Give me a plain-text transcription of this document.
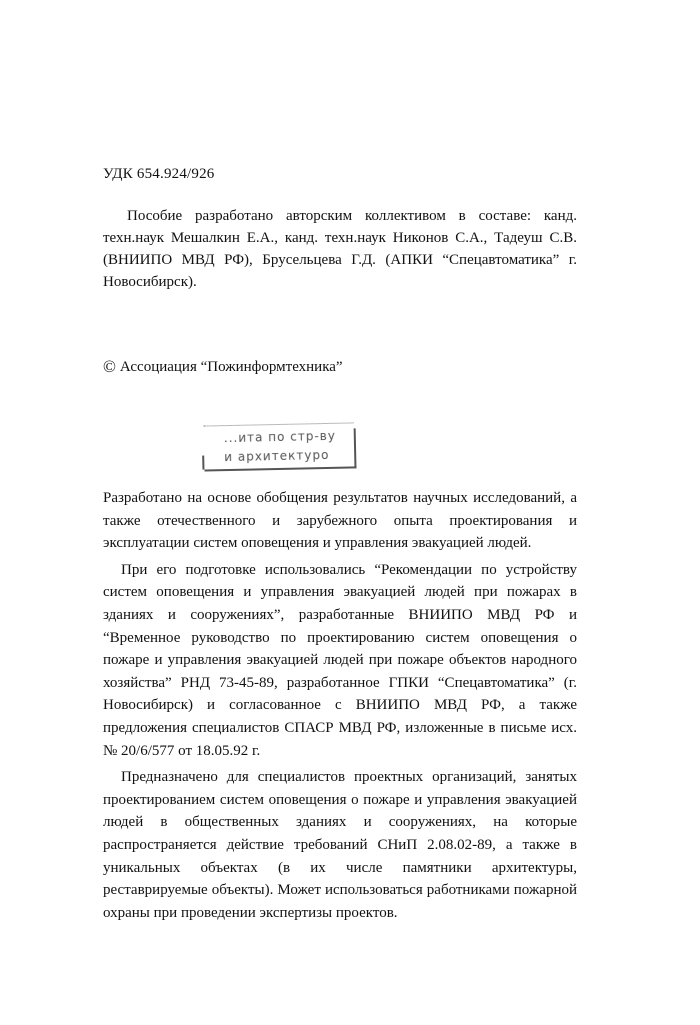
УДК 654.924/926

Пособие разработано авторским коллективом в составе: канд. техн.наук Мешалкин Е.А., канд. техн.наук Никонов С.А., Тадеуш С.В. (ВНИИПО МВД РФ), Брусельцева Г.Д. (АПКИ “Спецавтоматика” г. Новосибирск).

© Ассоциация “Пожинформтехника”
...ита по стр-ву
и архитектуро

Разработано на основе обобщения результатов научных исследований, а также отечественного и зарубежного опыта проектирования и эксплуатации систем оповещения и управления эвакуацией людей.

При его подготовке использовались “Рекомендации по устройству систем оповещения и управления эвакуацией людей при пожарах в зданиях и сооружениях”, разработанные ВНИИПО МВД РФ и “Временное руководство по проектированию систем оповещения о пожаре и управления эвакуацией людей при пожаре объектов народного хозяйства” РНД 73-45-89, разработанное ГПКИ “Спецавтоматика” (г. Новосибирск) и согласованное с ВНИИПО МВД РФ, а также предложения специалистов СПАСР МВД РФ, изложенные в письме исх. № 20/6/577 от 18.05.92 г.

Предназначено для специалистов проектных организаций, занятых проектированием систем оповещения о пожаре и управления эвакуацией людей в общественных зданиях и сооружениях, на которые распространяется действие требований СНиП 2.08.02-89, а также в уникальных объектах (в их числе памятники архитектуры, реставрируемые объекты). Может использоваться работниками пожарной охраны при проведении экспертизы проектов.
